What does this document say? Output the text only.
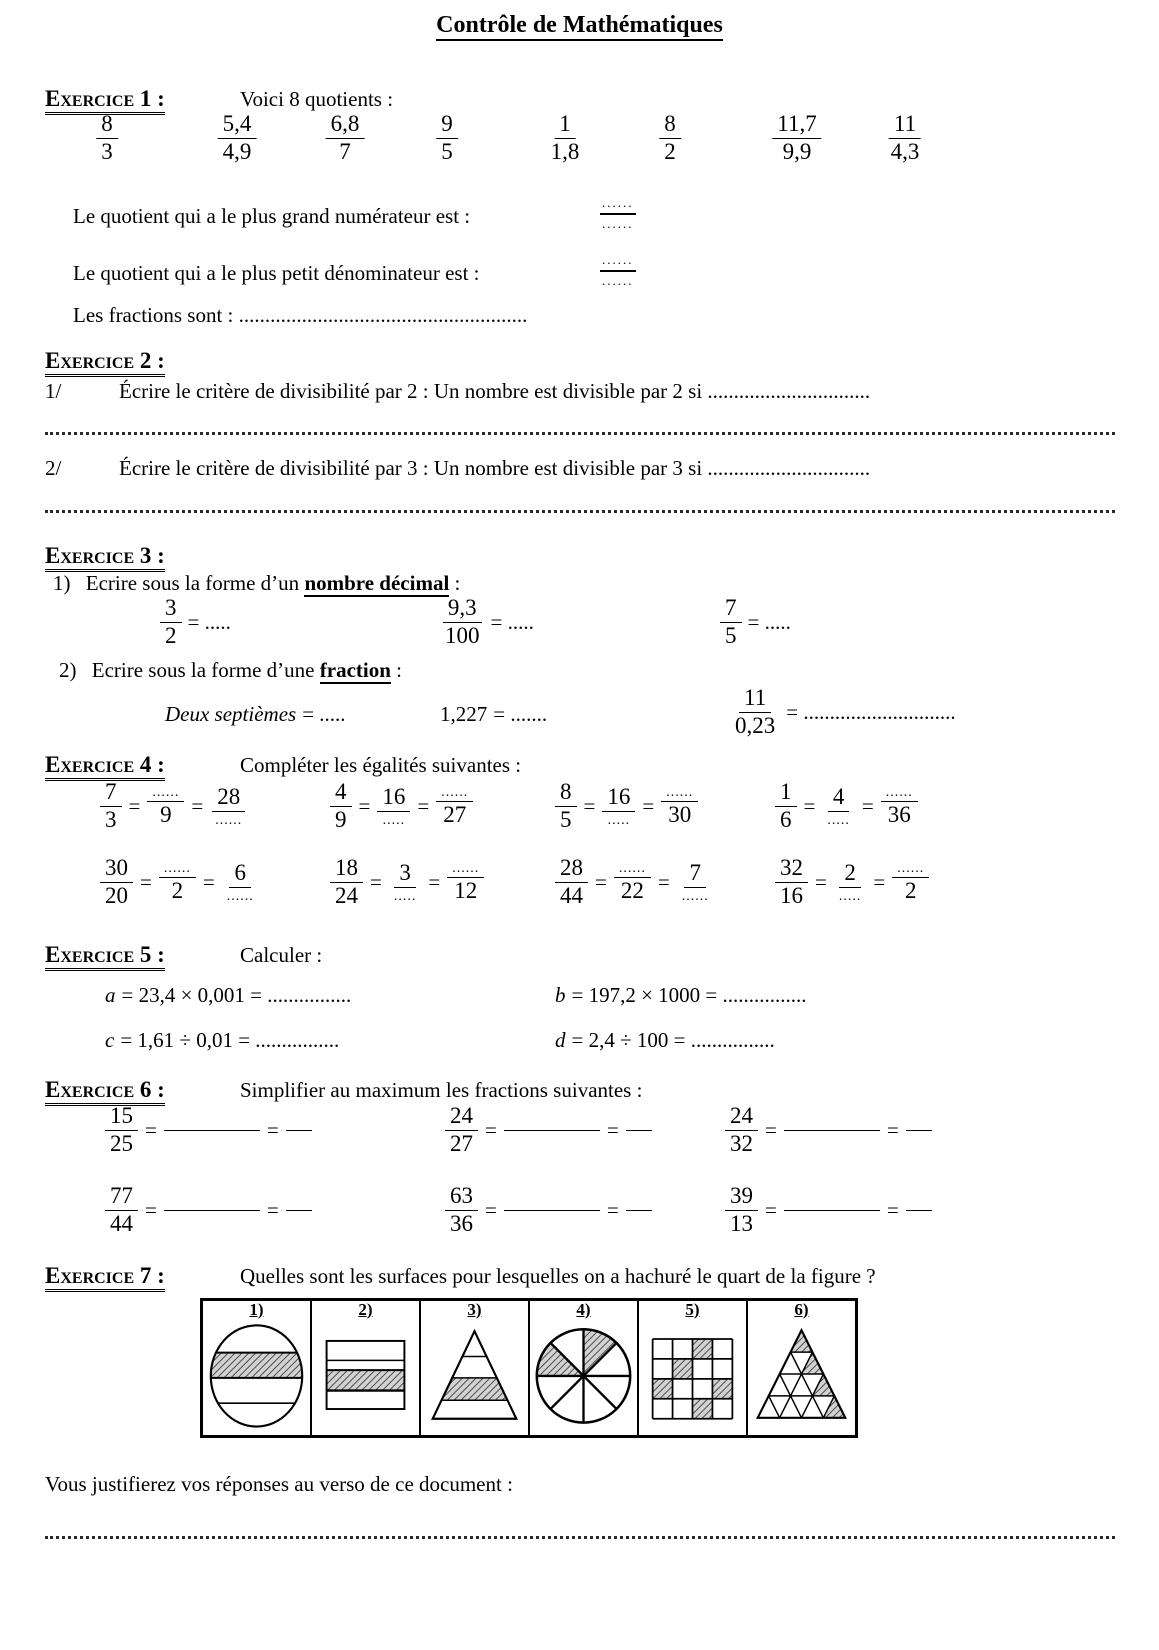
Contrôle de Mathématiques
Exercice 1 :	Voici 8 quotients :
$\frac{8}{3}$	$\frac{5,4}{4,9}$	$\frac{6,8}{7}$	$\frac{9}{5}$	$\frac{1}{1,8}$	$\frac{8}{2}$	$\frac{11,7}{9,9}$	$\frac{11}{4,3}$
Le quotient qui a le plus grand numérateur est :
......
......
Le quotient qui a le plus petit dénominateur est :
......
......
Les fractions sont : .......................................................
Exercice 2 :
1/	Écrire le critère de divisibilité par 2 : Un nombre est divisible par 2 si ...............................
2/	Écrire le critère de divisibilité par 3 : Un nombre est divisible par 3 si ...............................
Exercice 3 :
1) Ecrire sous la forme d’un nombre décimal :
$\frac{3}{2}$ = .....	$\frac{9,3}{100}$ = .....	$\frac{7}{5}$ = .....
2) Ecrire sous la forme d’une fraction :
Deux septièmes = .....	1,227 = .......	$\frac{11}{0,23}$ = .............................
Exercice 4 :	Compléter les égalités suivantes :
$\frac{7}{3} = \frac{......}{9} = \frac{28}{......}$	$\frac{4}{9} = \frac{16}{.....} = \frac{......}{27}$	$\frac{8}{5} = \frac{16}{.....} = \frac{......}{30}$	$\frac{1}{6} = \frac{4}{.....} = \frac{......}{36}$
$\frac{30}{20} = \frac{......}{2} = \frac{6}{......}$	$\frac{18}{24} = \frac{3}{.....} = \frac{......}{12}$	$\frac{28}{44} = \frac{......}{22} = \frac{7}{......}$	$\frac{32}{16} = \frac{2}{.....} = \frac{......}{2}$
Exercice 5 :	Calculer :
a = 23,4 × 0,001 = ................	b = 197,2 × 1000 = ................
c = 1,61 ÷ 0,01 = ................	d = 2,4 ÷ 100 = ................
Exercice 6 :	Simplifier au maximum les fractions suivantes :
$\frac{15}{25}$ =	=	$\frac{24}{27}$ =	=	$\frac{24}{32}$ =	=
$\frac{77}{44}$ =	=	$\frac{63}{36}$ =	=	$\frac{39}{13}$ =	=
Exercice 7 :	Quelles sont les surfaces pour lesquelles on a hachuré le quart de la figure ?
1)	2)	3)	4)	5)	6)
Vous justifierez vos réponses au verso de ce document :
